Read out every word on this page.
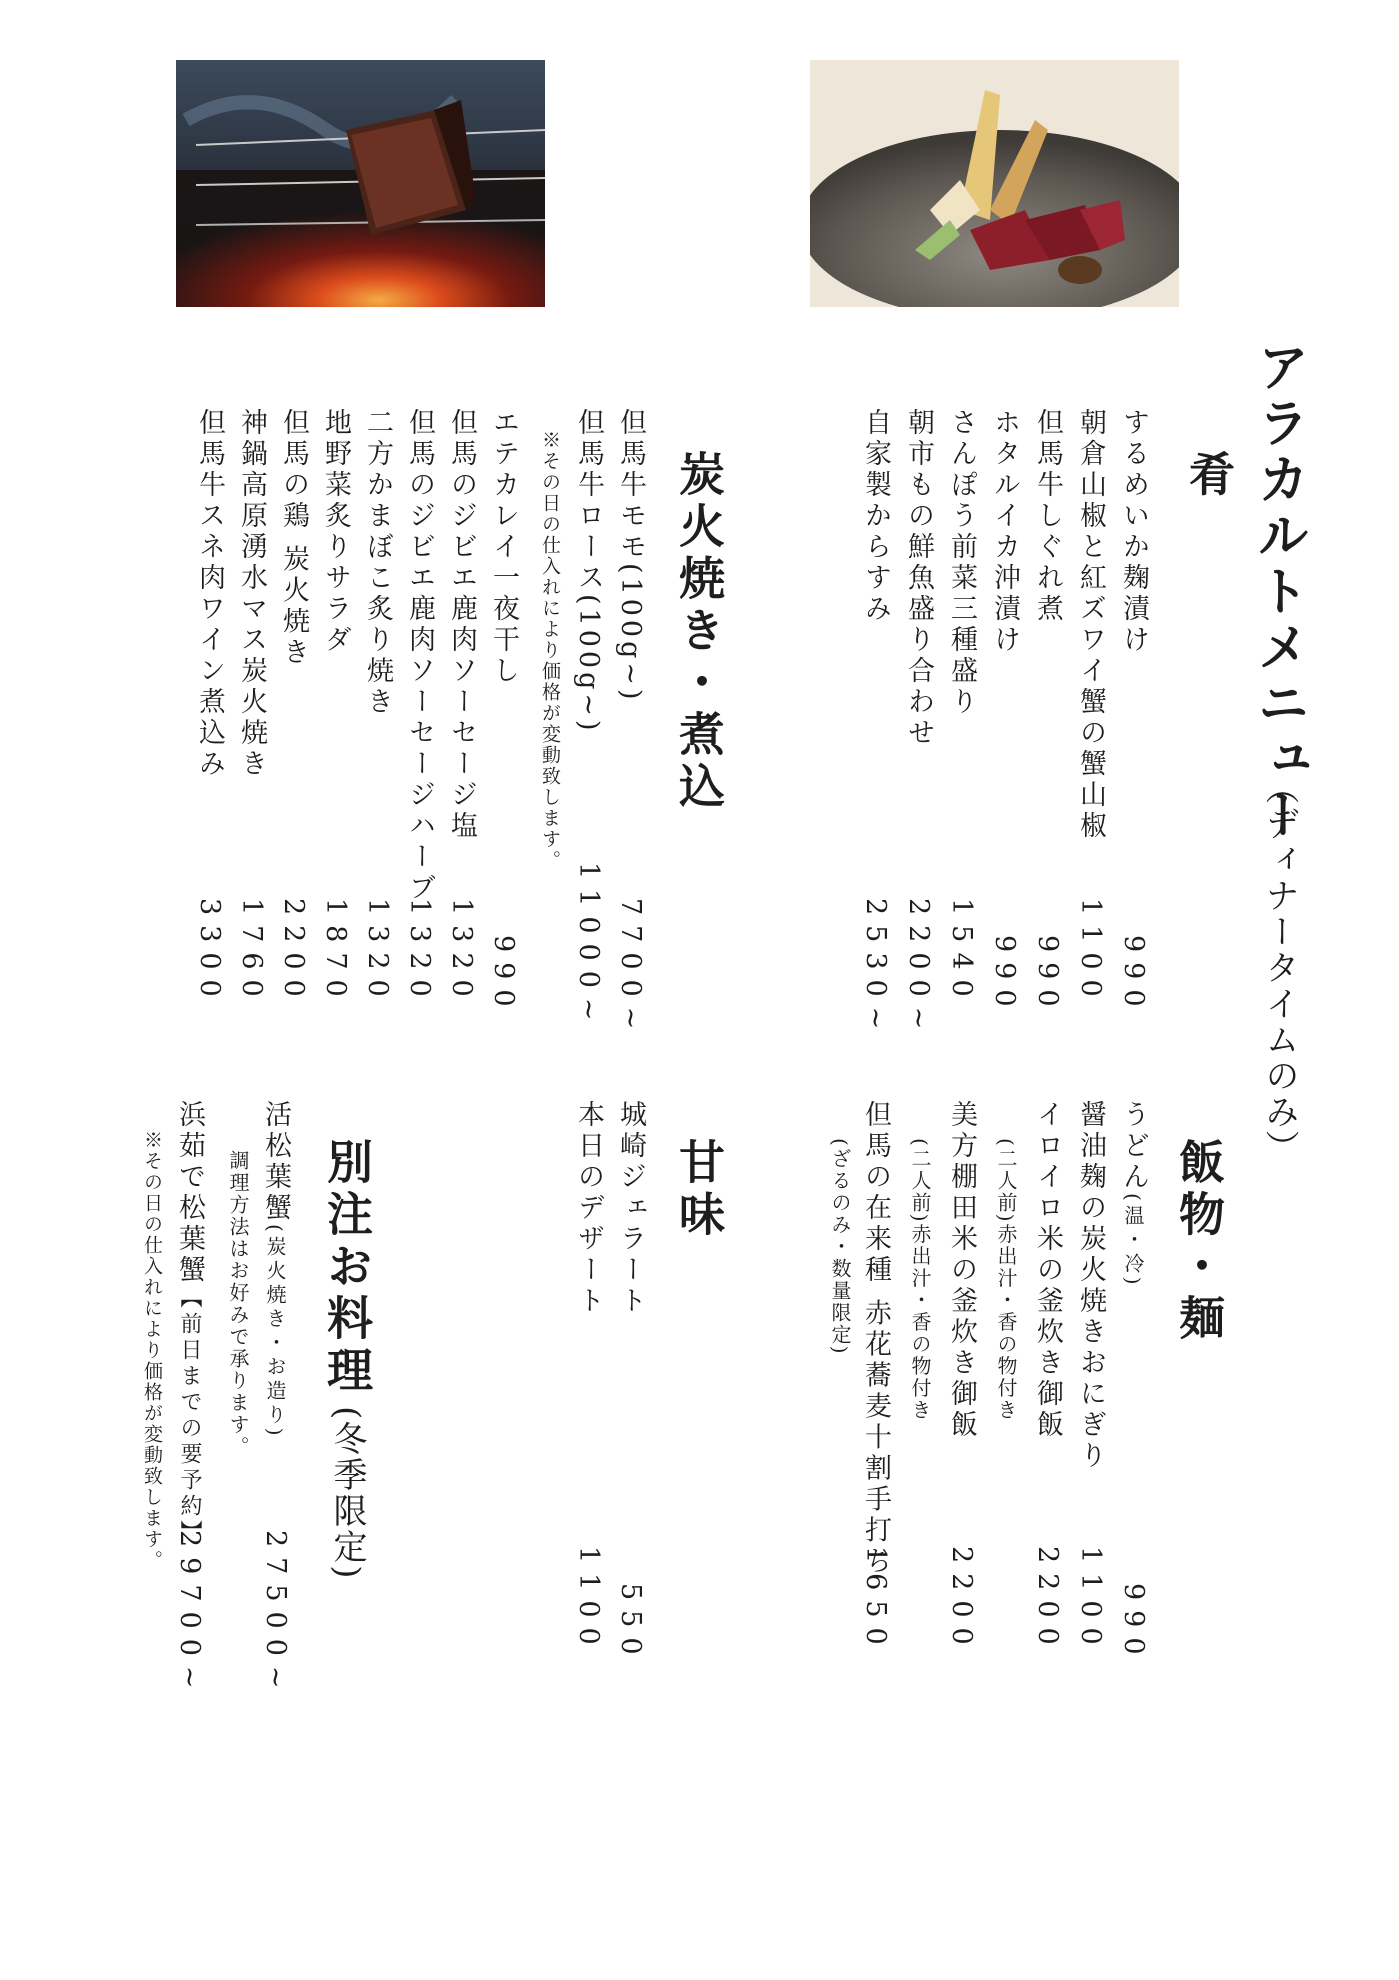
アラカルトメニュー
（ディナータイムのみ）
肴
するめいか麹漬け
990
朝倉山椒と紅ズワイ蟹の蟹山椒
1100
但馬牛しぐれ煮
990
ホタルイカ沖漬け
990
さんぽう前菜三種盛り
1540
朝市もの鮮魚盛り合わせ
2200~
自家製からすみ
2530~
炭火焼き・煮込
但馬牛モモ(100g~)
7700~
但馬牛ロース(100g~)
11000~
※その日の仕入れにより価格が変動致します。
エテカレイ一夜干し
990
但馬のジビエ鹿肉ソーセージ塩
1320
但馬のジビエ鹿肉ソーセージハーブ
1320
二方かまぼこ炙り焼き
1320
地野菜炙りサラダ
1870
但馬の鶏 炭火焼き
2200
神鍋高原湧水マス炭火焼き
1760
但馬牛スネ肉ワイン煮込み
3300
飯物・麺
うどん(温・冷)
990
醤油麹の炭火焼きおにぎり
1100
イロイロ米の釜炊き御飯
(二人前)赤出汁・香の物付き
2200
美方棚田米の釜炊き御飯
(二人前)赤出汁・香の物付き
2200
但馬の在来種 赤花蕎麦十割手打ち
(ざるのみ・数量限定)
1650
甘味
城崎ジェラート
550
本日のデザート
1100
別注お料理
(冬季限定)
活松葉蟹(炭火焼き・お造り)
調理方法はお好みで承ります。
27500~
浜茹で松葉蟹【前日までの要予約】
29700~
※その日の仕入れにより価格が変動致します。
